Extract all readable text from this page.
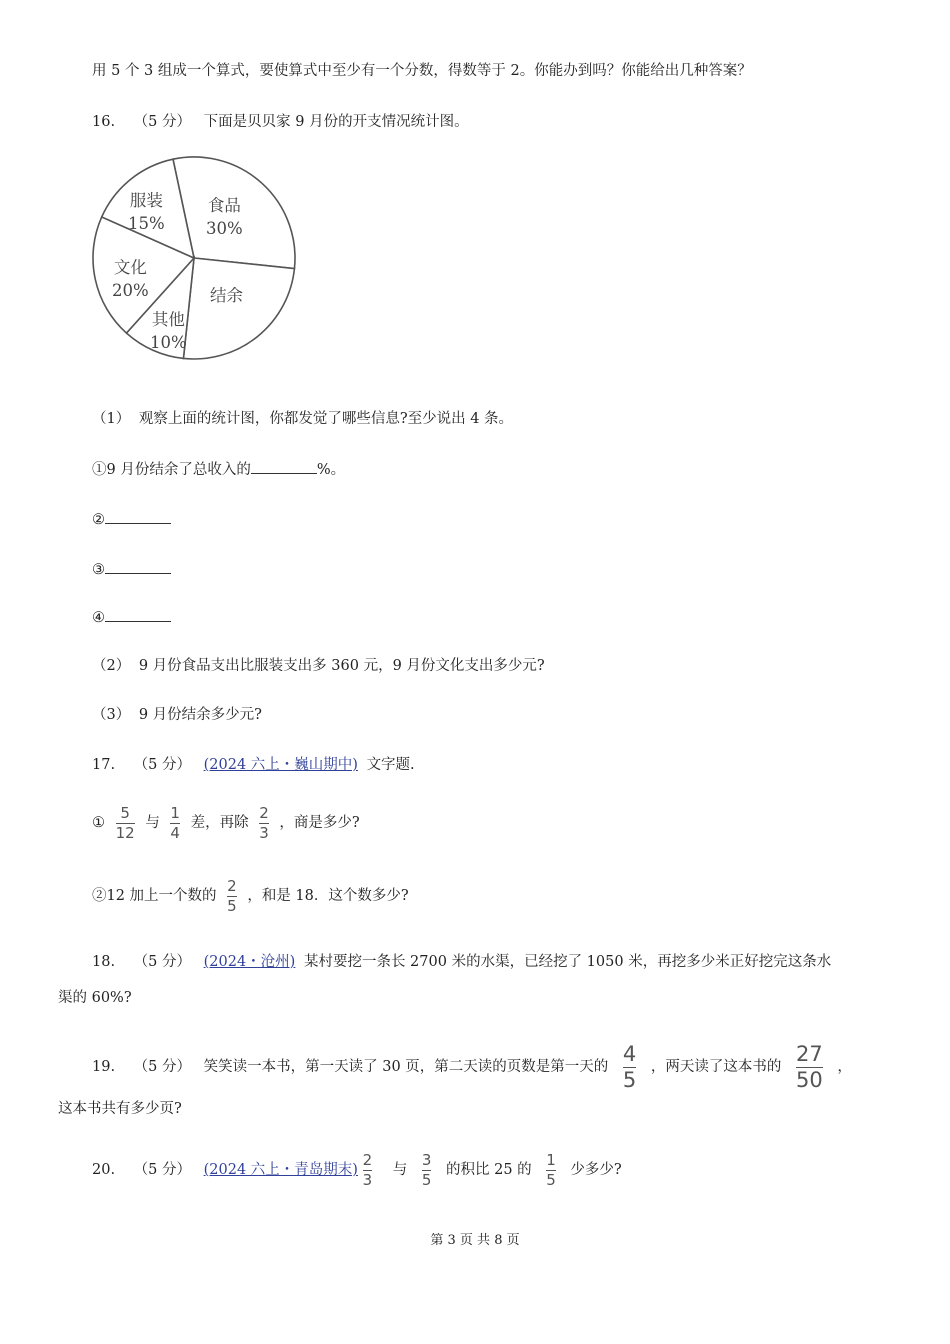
用 5 个 3 组成一个算式，要使算式中至少有一个分数，得数等于 2。你能办到吗？你能给出几种答案？
16. （5 分） 下面是贝贝家 9 月份的开支情况统计图。
食品
30%
结余
其他
10%
文化
20%
服装
15%
（1） 观察上面的统计图，你都发觉了哪些信息?至少说出 4 条。
①9 月份结余了总收入的	%。
②
③
④
（2） 9 月份食品支出比服装支出多 360 元，9 月份文化支出多少元?
（3） 9 月份结余多少元?
17. （5 分） (2024 六上・巍山期中) 文字题.
① $\frac{5}{12}$ 与 $\frac{1}{4}$ 差，再除 $\frac{2}{3}$ ，商是多少?
②12 加上一个数的 $\frac{2}{5}$ ，和是 18．这个数多少?
18. （5 分） (2024・沧州) 某村要挖一条长 2700 米的水渠，已经挖了 1050 米，再挖多少米正好挖完这条水
渠的 60%?
19. （5 分） 笑笑读一本书，第一天读了 30 页，第二天读的页数是第一天的 $\frac{4}{5}$ ，两天读了这本书的 $\frac{27}{50}$ ，
这本书共有多少页?
20. （5 分） (2024 六上・青岛期末) $\frac{2}{3}$ 与 $\frac{3}{5}$ 的积比 25 的 $\frac{1}{5}$ 少多少?
第 3 页 共 8 页
